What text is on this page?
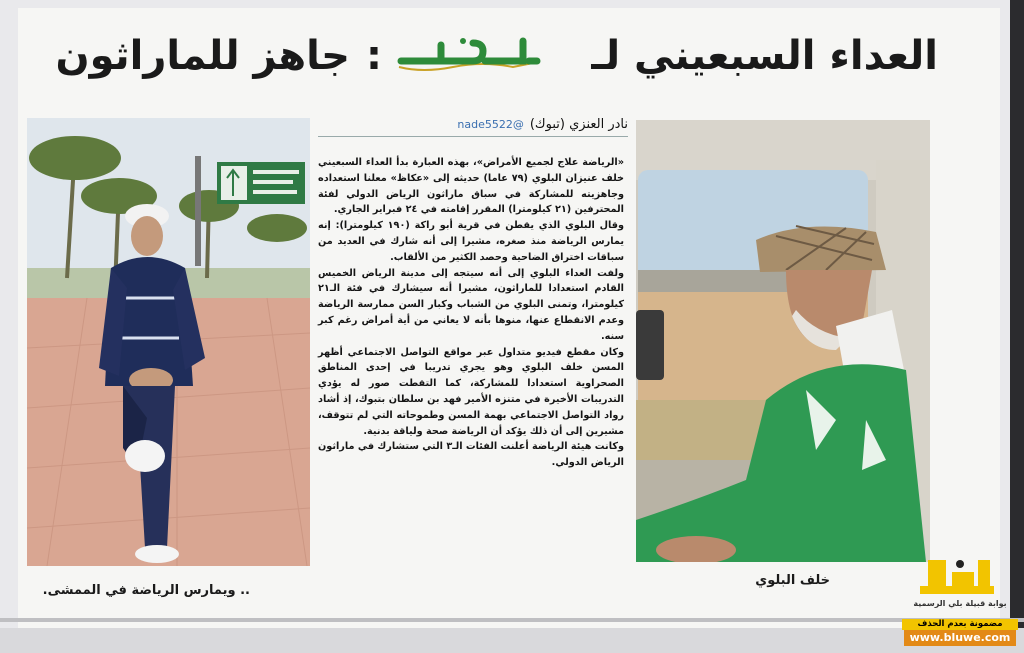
العداء السبعيني لـ
:
جاهز للماراثون
نادر العنزي (تبوك)@nade5522

«الرياضة علاج لجميع الأمراض»، بهذه العبارة بدأ العداء السبعيني خلف عنيزان البلوي (٧٩ عاما) حديثه إلى «عكاظ» معلنا استعداده وجاهزيته للمشاركة في سباق ماراثون الرياض الدولي لفئة المحترفين (٢١ كيلومترا) المقرر إقامته في ٢٤ فبراير الجاري.

وقال البلوي الذي يقطن في قرية أبو راكة (١٩٠ كيلومترا): إنه يمارس الرياضة منذ صغره، مشيرا إلى أنه شارك في العديد من سباقات اختراق الضاحية وحصد الكثير من الألقاب.

ولفت العداء البلوي إلى أنه سيتجه إلى مدينة الرياض الخميس القادم استعدادا للماراثون، مشيرا أنه سيشارك في فئة الـ٢١ كيلومترا، وتمنى البلوي من الشباب وكبار السن ممارسة الرياضة وعدم الانقطاع عنها، منوها بأنه لا يعاني من أية أمراض رغم كبر سنه.

وكان مقطع فيديو متداول عبر مواقع التواصل الاجتماعي أظهر المسن خلف البلوي وهو يجري تدريبا في إحدى المناطق الصحراوية استعدادا للمشاركة، كما التقطت صور له يؤدي التدريبات الأخيرة في متنزه الأمير فهد بن سلطان بتبوك، إذ أشاد رواد التواصل الاجتماعي بهمة المسن وطموحاته التي لم تتوقف، مشيرين إلى أن ذلك يؤكد أن الرياضة صحة ولياقة بدنية.

وكانت هيئة الرياضة أعلنت الفئات الـ٣ التي ستشارك في ماراثون الرياض الدولي.

.. ويمارس الرياضة في الممشى.
خلف البلوي
بوابة قبيلة بلي الرسمية
مضمونة بعدم الحذف
www.bluwe.com
